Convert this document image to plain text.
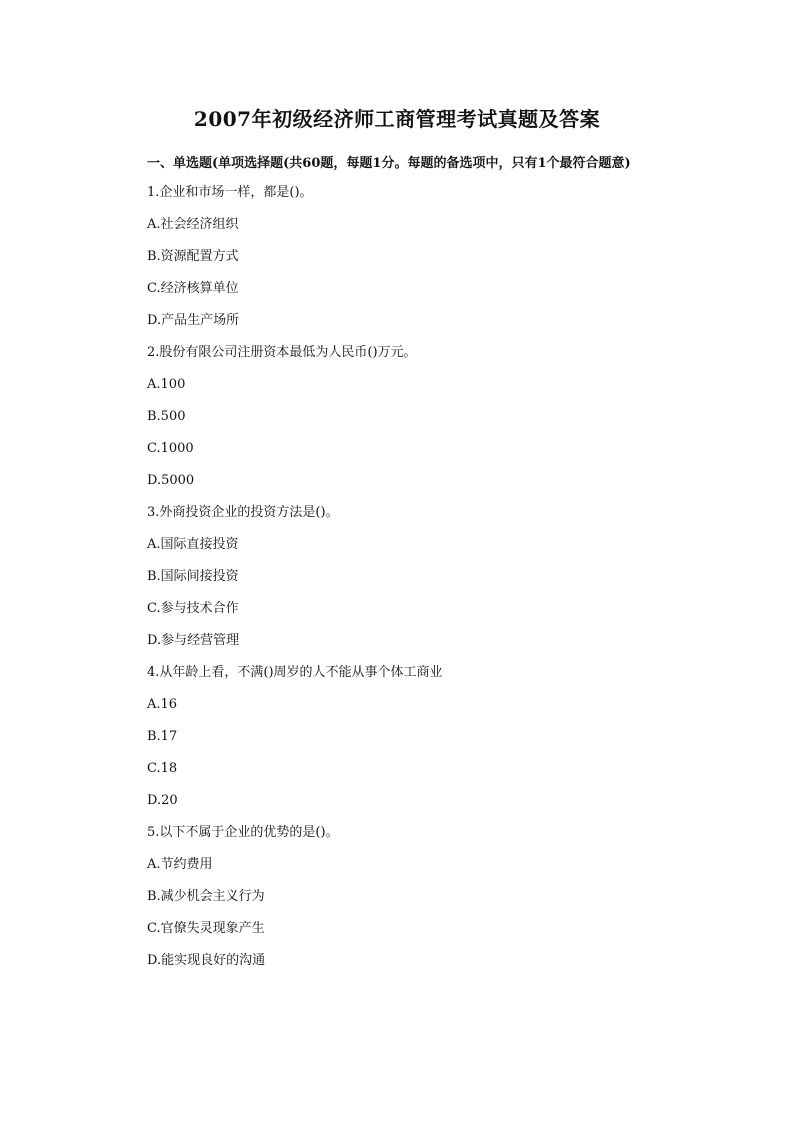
2007年初级经济师工商管理考试真题及答案
一、单选题(单项选择题(共60题，每题1分。每题的备选项中，只有1个最符合题意)
1.企业和市场一样，都是()。
A.社会经济组织
B.资源配置方式
C.经济核算单位
D.产品生产场所
2.股份有限公司注册资本最低为人民币()万元。
A.100
B.500
C.1000
D.5000
3.外商投资企业的投资方法是()。
A.国际直接投资
B.国际间接投资
C.参与技术合作
D.参与经营管理
4.从年龄上看，不满()周岁的人不能从事个体工商业
A.16
B.17
C.18
D.20
5.以下不属于企业的优势的是()。
A.节约费用
B.减少机会主义行为
C.官僚失灵现象产生
D.能实现良好的沟通
